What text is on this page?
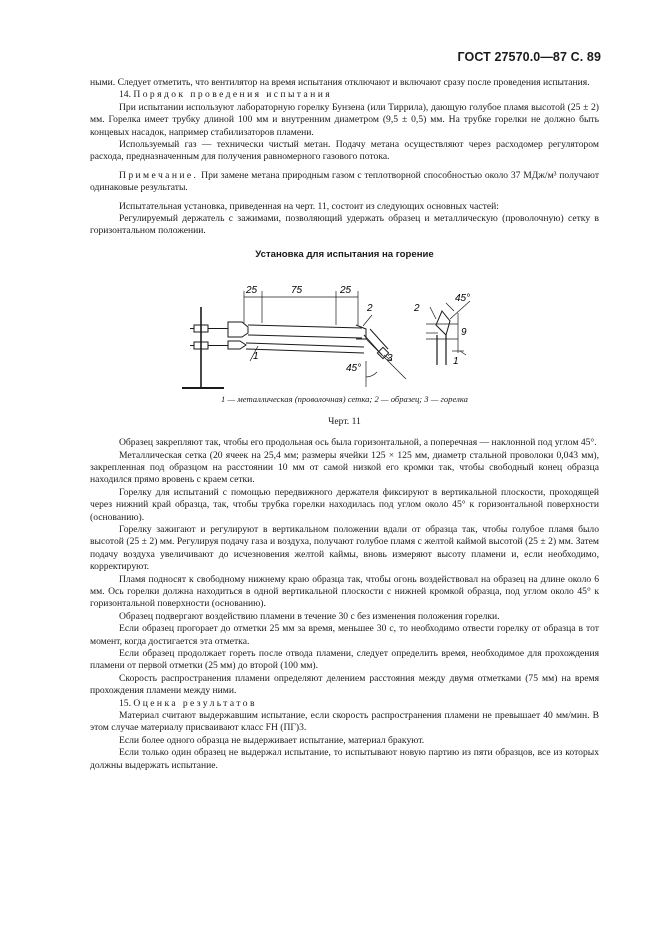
ГОСТ 27570.0—87 С. 89

ными. Следует отметить, что вентилятор на время испытания отключают и включают сразу после проведения испытания.

14. Порядок проведения испытания

При испытании используют лабораторную горелку Бунзена (или Тиррила), дающую голубое пламя высотой (25 ± 2) мм. Горелка имеет трубку длиной 100 мм и внутренним диаметром (9,5 ± 0,5) мм. На трубке горелки не должно быть концевых насадок, например стабилизаторов пламени.

Используемый газ — технически чистый метан. Подачу метана осуществляют через расходомер регулятором расхода, предназначенным для получения равномерного газового потока.

Примечание. При замене метана природным газом с теплотворной способностью около 37 МДж/м³ получают одинаковые результаты.

Испытательная установка, приведенная на черт. 11, состоит из следующих основных частей:

Регулируемый держатель с зажимами, позволяющий удержать образец и металлическую (проволочную) сетку в горизонтальном положении.

Установка для испытания на горение
25	75	25
2
1	3
45°
2
45°
9
1
1 — металлическая (проволочная) сетка; 2 — образец; 3 — горелка
Черт. 11

Образец закрепляют так, чтобы его продольная ось была горизонтальной, а поперечная — наклонной под углом 45°.

Металлическая сетка (20 ячеек на 25,4 мм; размеры ячейки 125 × 125 мм, диаметр стальной проволоки 0,043 мм), закрепленная под образцом на расстоянии 10 мм от самой низкой его кромки так, чтобы свободный конец образца находился прямо вровень с краем сетки.

Горелку для испытаний с помощью передвижного держателя фиксируют в вертикальной плоскости, проходящей через нижний край образца, так, чтобы трубка горелки находилась под углом около 45° к горизонтальной поверхности (основанию).

Горелку зажигают и регулируют в вертикальном положении вдали от образца так, чтобы голубое пламя было высотой (25 ± 2) мм. Регулируя подачу газа и воздуха, получают голубое пламя с желтой каймой высотой (25 ± 2) мм. Затем подачу воздуха увеличивают до исчезновения желтой каймы, вновь измеряют высоту пламени и, если необходимо, корректируют.

Пламя подносят к свободному нижнему краю образца так, чтобы огонь воздействовал на образец на длине около 6 мм. Ось горелки должна находиться в одной вертикальной плоскости с нижней кромкой образца, под углом около 45° к горизонтальной поверхности (основанию).

Образец подвергают воздействию пламени в течение 30 с без изменения положения горелки.

Если образец прогорает до отметки 25 мм за время, меньшее 30 с, то необходимо отвести горелку от образца в тот момент, когда достигается эта отметка.

Если образец продолжает гореть после отвода пламени, следует определить время, необходимое для прохождения пламени от первой отметки (25 мм) до второй (100 мм).

Скорость распространения пламени определяют делением расстояния между двумя отметками (75 мм) на время прохождения пламени между ними.

15. Оценка результатов

Материал считают выдержавшим испытание, если скорость распространения пламени не превышает 40 мм/мин. В этом случае материалу присваивают класс FH (ПГ)3.

Если более одного образца не выдерживает испытание, материал бракуют.

Если только один образец не выдержал испытание, то испытывают новую партию из пяти образцов, все из которых должны выдержать испытание.
